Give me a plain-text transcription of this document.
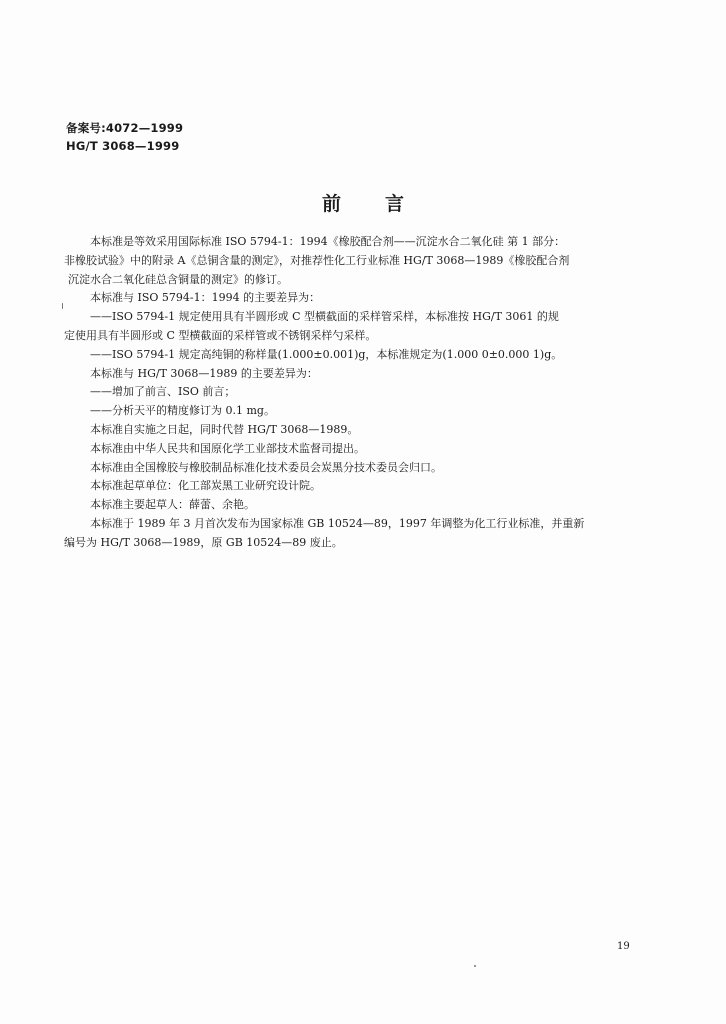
备案号:4072—1999
HG/T 3068—1999
前言
本标准是等效采用国际标准 ISO 5794-1：1994《橡胶配合剂——沉淀水合二氧化硅 第 1 部分：
非橡胶试验》中的附录 A《总铜含量的测定》，对推荐性化工行业标准 HG/T 3068—1989《橡胶配合剂
沉淀水合二氧化硅总含铜量的测定》的修订。
本标准与 ISO 5794-1：1994 的主要差异为：
——ISO 5794-1 规定使用具有半圆形或 C 型横截面的采样管采样，本标准按 HG/T 3061 的规
定使用具有半圆形或 C 型横截面的采样管或不锈钢采样勺采样。
——ISO 5794-1 规定高纯铜的称样量(1.000±0.001)g，本标准规定为(1.000 0±0.000 1)g。
本标准与 HG/T 3068—1989 的主要差异为：
——增加了前言、ISO 前言；
——分析天平的精度修订为 0.1 mg。
本标准自实施之日起，同时代替 HG/T 3068—1989。
本标准由中华人民共和国原化学工业部技术监督司提出。
本标准由全国橡胶与橡胶制品标准化技术委员会炭黑分技术委员会归口。
本标准起草单位：化工部炭黑工业研究设计院。
本标准主要起草人：薛蕾、余艳。
本标准于 1989 年 3 月首次发布为国家标准 GB 10524—89，1997 年调整为化工行业标准，并重新
编号为 HG/T 3068—1989，原 GB 10524—89 废止。
19
